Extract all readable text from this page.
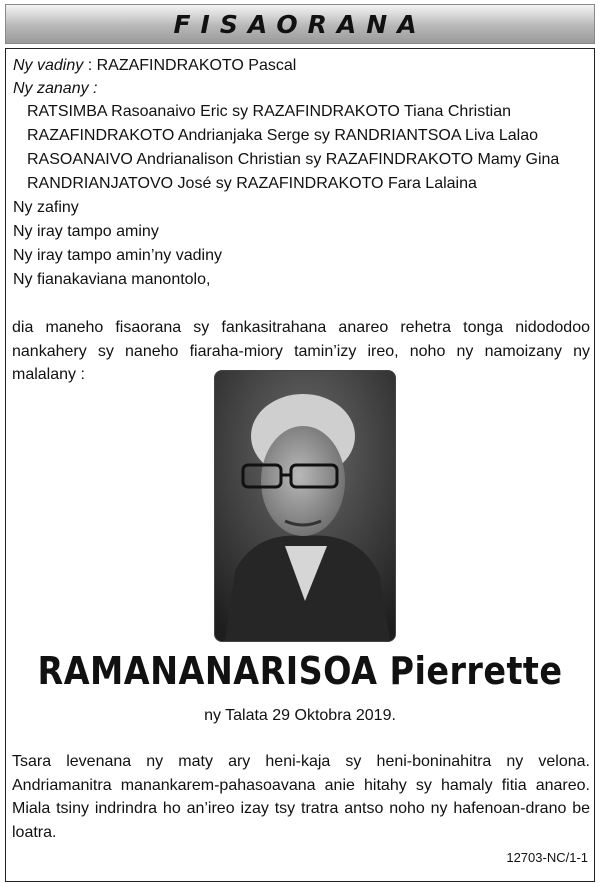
FISAORANA
Ny vadiny : RAZAFINDRAKOTO Pascal
Ny zanany :
RATSIMBA Rasoanaivo Eric sy RAZAFINDRAKOTO Tiana Christian
RAZAFINDRAKOTO Andrianjaka Serge sy RANDRIANTSOA Liva Lalao
RASOANAIVO Andrianalison Christian sy RAZAFINDRAKOTO Mamy Gina
RANDRIANJATOVO José sy RAZAFINDRAKOTO Fara Lalaina
Ny zafiny
Ny iray tampo aminy
Ny iray tampo amin’ny vadiny
Ny fianakaviana manontolo,
dia maneho fisaorana sy fankasitrahana anareo rehetra tonga nidododoo nankahery sy naneho fiaraha-miory tamin’izy ireo, noho ny namoizany ny malalany :
RAMANANARISOA Pierrette
ny Talata 29 Oktobra 2019.
Tsara levenana ny maty ary heni-kaja sy heni-boninahitra ny velona. Andriamanitra manankarem-pahasoavana anie hitahy sy hamaly fitia anareo. Miala tsiny indrindra ho an’ireo izay tsy tratra antso noho ny hafenoan-drano be loatra.
12703-NC/1-1
